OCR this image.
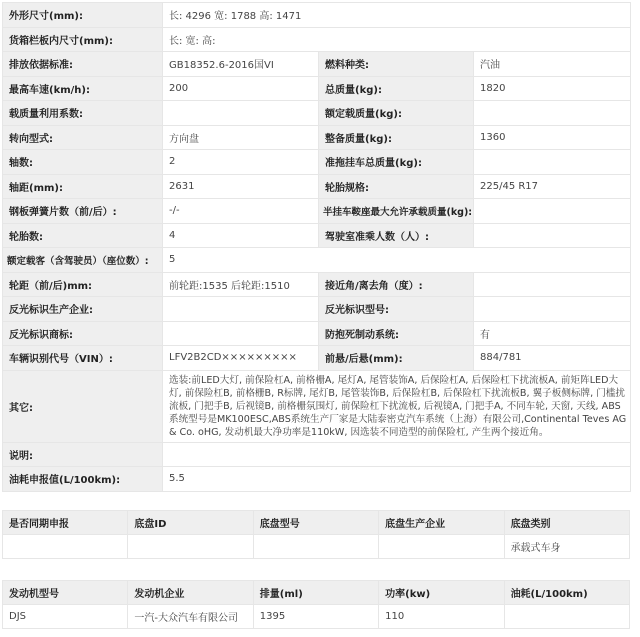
外形尺寸(mm):	长: 4296 宽: 1788 高: 1471		
货箱栏板内尺寸(mm):	长: 宽: 高:		
排放依据标准:	GB18352.6-2016国VI	燃料种类:	汽油
最高车速(km/h):	200	总质量(kg):	1820
载质量利用系数:		额定载质量(kg):	
转向型式:	方向盘	整备质量(kg):	1360
轴数:	2	准拖挂车总质量(kg):	
轴距(mm):	2631	轮胎规格:	225/45 R17
钢板弹簧片数（前/后）:	-/-	半挂车鞍座最大允许承载质量(kg):	
轮胎数:	4	驾驶室准乘人数（人）:	
额定载客（含驾驶员）（座位数）:	5		
轮距（前/后)mm:	前轮距:1535 后轮距:1510	接近角/离去角（度）:	
反光标识生产企业:		反光标识型号:	
反光标识商标:		防抱死制动系统:	有
车辆识别代号（VIN）:	LFV2B2CD×××××××××	前悬/后悬(mm):	884/781
其它:	选装:前LED大灯, 前保险杠A, 前格栅A, 尾灯A, 尾管装饰A, 后保险杠A, 后保险杠下扰流板A, 前矩阵LED大灯, 前保险杠B, 前格栅B, R标牌, 尾灯B, 尾管装饰B, 后保险杠B, 后保险杠下扰流板B, 翼子板侧标牌, 门槛扰流板, 门把手B, 后视镜B, 前格栅氛围灯, 前保险杠下扰流板, 后视镜A, 门把手A, 不同车轮, 天窗, 天线, ABS系统型号是MK100ESC,ABS系统生产厂家是大陆泰密克汽车系统（上海）有限公司,Continental Teves AG & Co. oHG, 发动机最大净功率是110kW, 因选装不同造型的前保险杠, 产生两个接近角。		
说明:			
油耗申报值(L/100km):	5.5		
是否同期申报	底盘ID	底盘型号	底盘生产企业	底盘类别
				承载式车身
发动机型号	发动机企业	排量(ml)	功率(kw)	油耗(L/100km)
DJS	一汽-大众汽车有限公司	1395	110	
